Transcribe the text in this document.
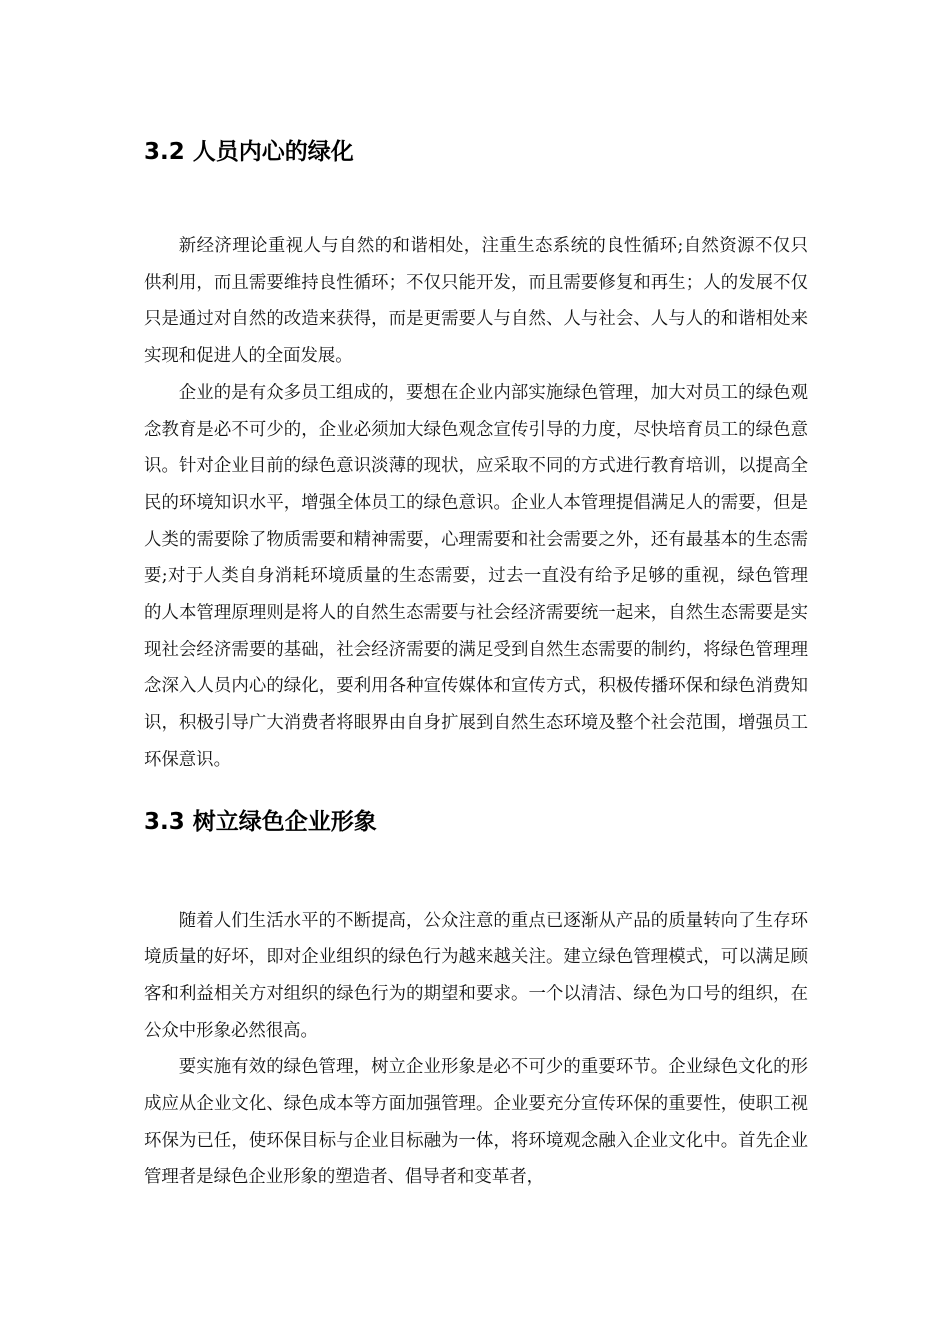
3.2 人员内心的绿化

新经济理论重视人与自然的和谐相处，注重生态系统的良性循环;自然资源不仅只供利用，而且需要维持良性循环；不仅只能开发，而且需要修复和再生；人的发展不仅只是通过对自然的改造来获得，而是更需要人与自然、人与社会、人与人的和谐相处来实现和促进人的全面发展。

企业的是有众多员工组成的，要想在企业内部实施绿色管理，加大对员工的绿色观念教育是必不可少的，企业必须加大绿色观念宣传引导的力度，尽快培育员工的绿色意识。针对企业目前的绿色意识淡薄的现状，应采取不同的方式进行教育培训，以提高全民的环境知识水平，增强全体员工的绿色意识。企业人本管理提倡满足人的需要，但是人类的需要除了物质需要和精神需要，心理需要和社会需要之外，还有最基本的生态需要;对于人类自身消耗环境质量的生态需要，过去一直没有给予足够的重视，绿色管理的人本管理原理则是将人的自然生态需要与社会经济需要统一起来，自然生态需要是实现社会经济需要的基础，社会经济需要的满足受到自然生态需要的制约，将绿色管理理念深入人员内心的绿化，要利用各种宣传媒体和宣传方式，积极传播环保和绿色消费知识，积极引导广大消费者将眼界由自身扩展到自然生态环境及整个社会范围，增强员工环保意识。

3.3 树立绿色企业形象

随着人们生活水平的不断提高，公众注意的重点已逐渐从产品的质量转向了生存环境质量的好坏，即对企业组织的绿色行为越来越关注。建立绿色管理模式，可以满足顾客和利益相关方对组织的绿色行为的期望和要求。一个以清洁、绿色为口号的组织，在公众中形象必然很高。

要实施有效的绿色管理，树立企业形象是必不可少的重要环节。企业绿色文化的形成应从企业文化、绿色成本等方面加强管理。企业要充分宣传环保的重要性，使职工视环保为已任，使环保目标与企业目标融为一体，将环境观念融入企业文化中。首先企业管理者是绿色企业形象的塑造者、倡导者和变革者，
